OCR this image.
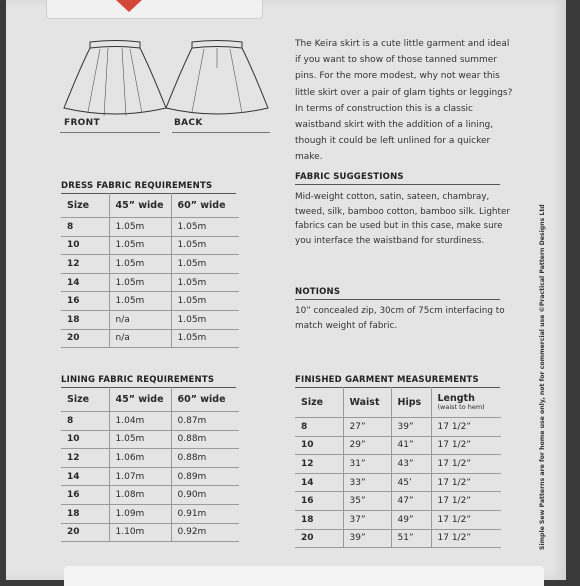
FRONT	BACK
The Keira skirt is a cute little garment and ideal if you want to show of those tanned summer pins. For the more modest, why not wear this little skirt over a pair of glam tights or leggings? In terms of construction this is a classic waistband skirt with the addition of a lining, though it could be left unlined for a quicker make.
FABRIC SUGGESTIONS
Mid-weight cotton, satin, sateen, chambray, tweed, silk, bamboo cotton, bamboo silk. Lighter fabrics can be used but in this case, make sure you interface the waistband for sturdiness.
NOTIONS
10” concealed zip, 30cm of 75cm interfacing to match weight of fabric.
DRESS FABRIC REQUIREMENTS
Size	45” wide	60” wide
8	1.05m	1.05m
10	1.05m	1.05m
12	1.05m	1.05m
14	1.05m	1.05m
16	1.05m	1.05m
18	n/a	1.05m
20	n/a	1.05m
LINING FABRIC REQUIREMENTS
Size	45” wide	60” wide
8	1.04m	0.87m
10	1.05m	0.88m
12	1.06m	0.88m
14	1.07m	0.89m
16	1.08m	0.90m
18	1.09m	0.91m
20	1.10m	0.92m
FINISHED GARMENT MEASUREMENTS
Size	Waist	Hips	Length
(waist to hem)

8	27”	39”	17 1/2”
10	29”	41”	17 1/2”
12	31”	43”	17 1/2”
14	33”	45’	17 1/2”
16	35”	47”	17 1/2”
18	37”	49”	17 1/2”
20	39”	51”	17 1/2”	Simple Sew Patterns are for home use only, not for commercial use ©Practical Pattern Designs Ltd
